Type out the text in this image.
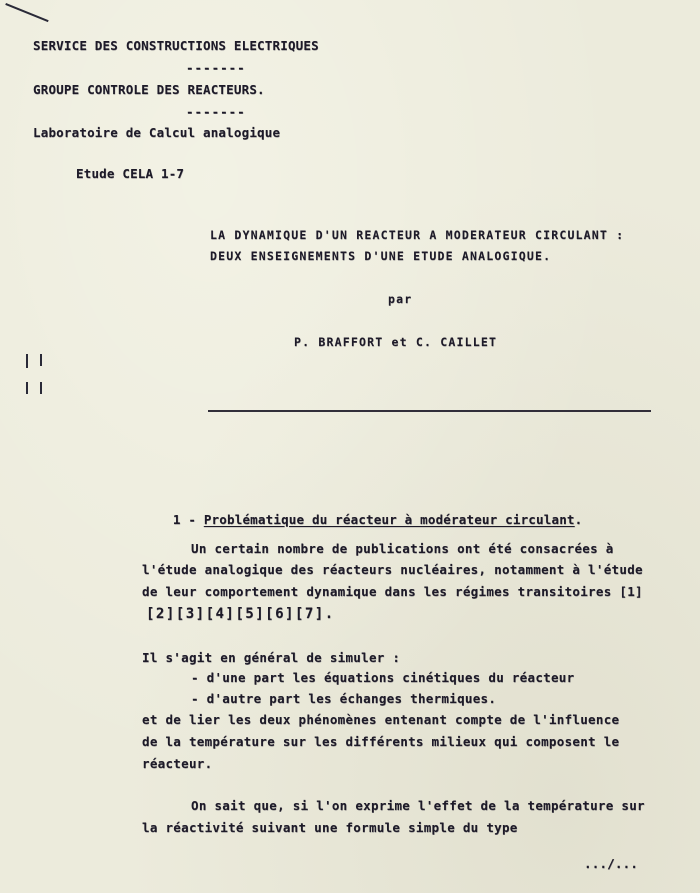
SERVICE DES CONSTRUCTIONS ELECTRIQUES
-------
GROUPE CONTROLE DES REACTEURS.
-------
Laboratoire de Calcul analogique
Etude CELA 1-7
LA DYNAMIQUE D'UN REACTEUR A MODERATEUR CIRCULANT :
DEUX ENSEIGNEMENTS D'UNE ETUDE ANALOGIQUE.
par
P. BRAFFORT et C. CAILLET

1 - Problématique du réacteur à modérateur circulant.

Un certain nombre de publications ont été consacrées à
l'étude analogique des réacteurs nucléaires, notamment à l'étude
de leur comportement dynamique dans les régimes transitoires [1]
[2][3][4][5][6][7].
Il s'agit en général de simuler :
- d'une part les équations cinétiques du réacteur
- d'autre part les échanges thermiques.
et de lier les deux phénomènes entenant compte de l'influence
de la température sur les différents milieux qui composent le
réacteur.
On sait que, si l'on exprime l'effet de la température sur
la réactivité suivant une formule simple du type
.../...
